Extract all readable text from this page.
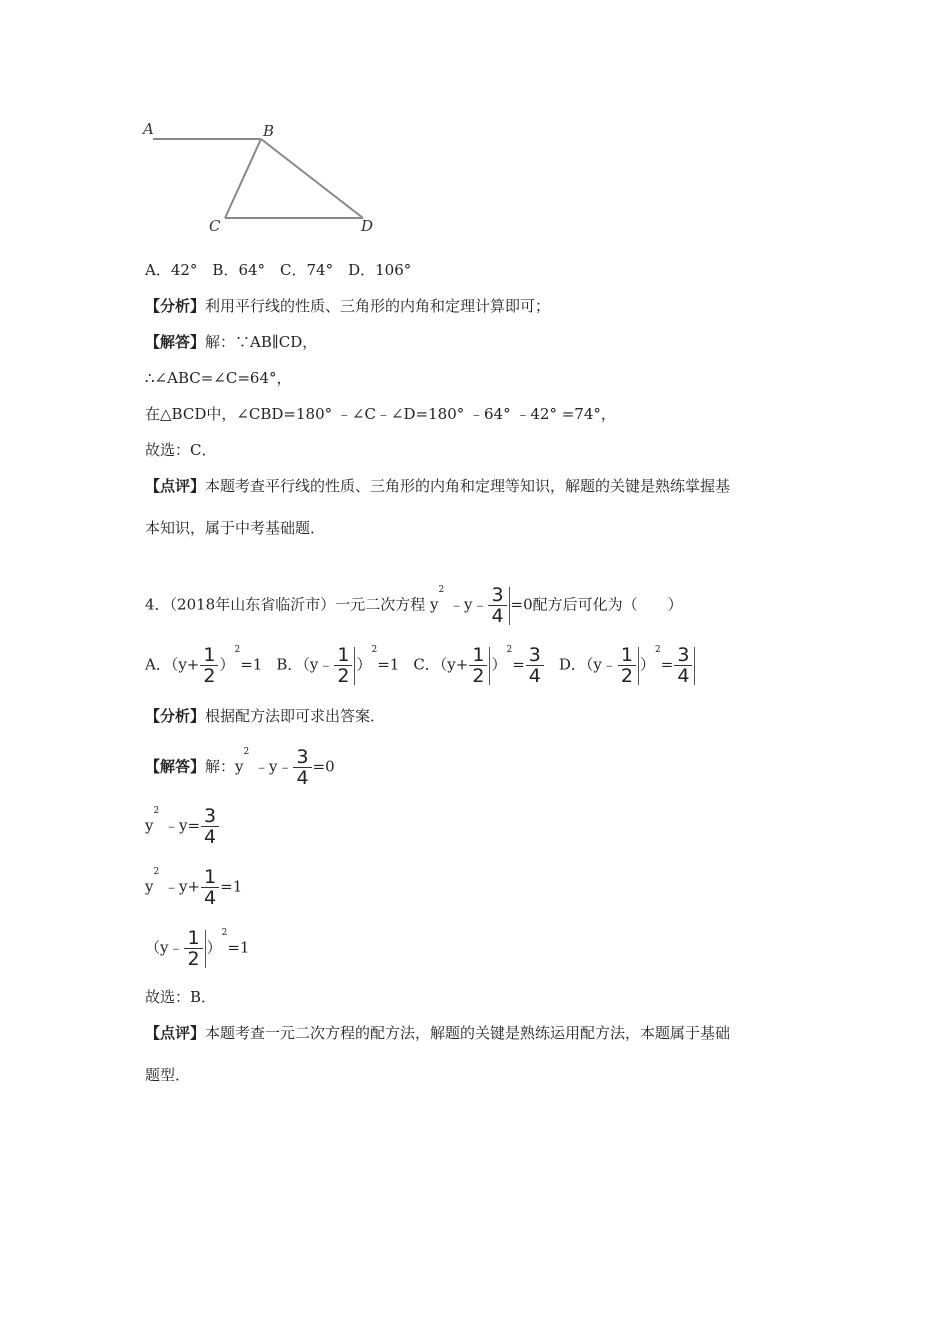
A	B
C	D
A．42°　B．64°　C．74°　D．106°
【分析】利用平行线的性质、三角形的内角和定理计算即可；
【解答】解：∵AB∥CD，
∴∠ABC=∠C=64°，
在△BCD中，∠CBD=180° ﹣∠C﹣∠D=180° ﹣64° ﹣42° =74°，
故选：C．
【点评】本题考查平行线的性质、三角形的内角和定理等知识，解题的关键是熟练掌握基
本知识，属于中考基础题．
4．（2018年山东省临沂市）一元二次方程 $y^2$ ﹣y﹣ $\frac{3}{4} =0$配方后可化为（　　）
A．$(y+ \frac{1}{2} )^2=1$ B．（y﹣ $\frac{1}{2} )^2=1$ C．$(y+ \frac{1}{2} )^2= \frac{3}{4}$ D．（y﹣ $\frac{1}{2} )^2= \frac{3}{4}$
【分析】根据配方法即可求出答案．
【解答】解：$y^2$ ﹣y﹣ $\frac{3}{4} =0$
$y^2$ ﹣y= $\frac{3}{4}$
$y^2$ ﹣y+ $\frac{1}{4} =1$
（y﹣ $\frac{1}{2} )^2=1$
故选：B．
【点评】本题考查一元二次方程的配方法，解题的关键是熟练运用配方法，本题属于基础
题型．
